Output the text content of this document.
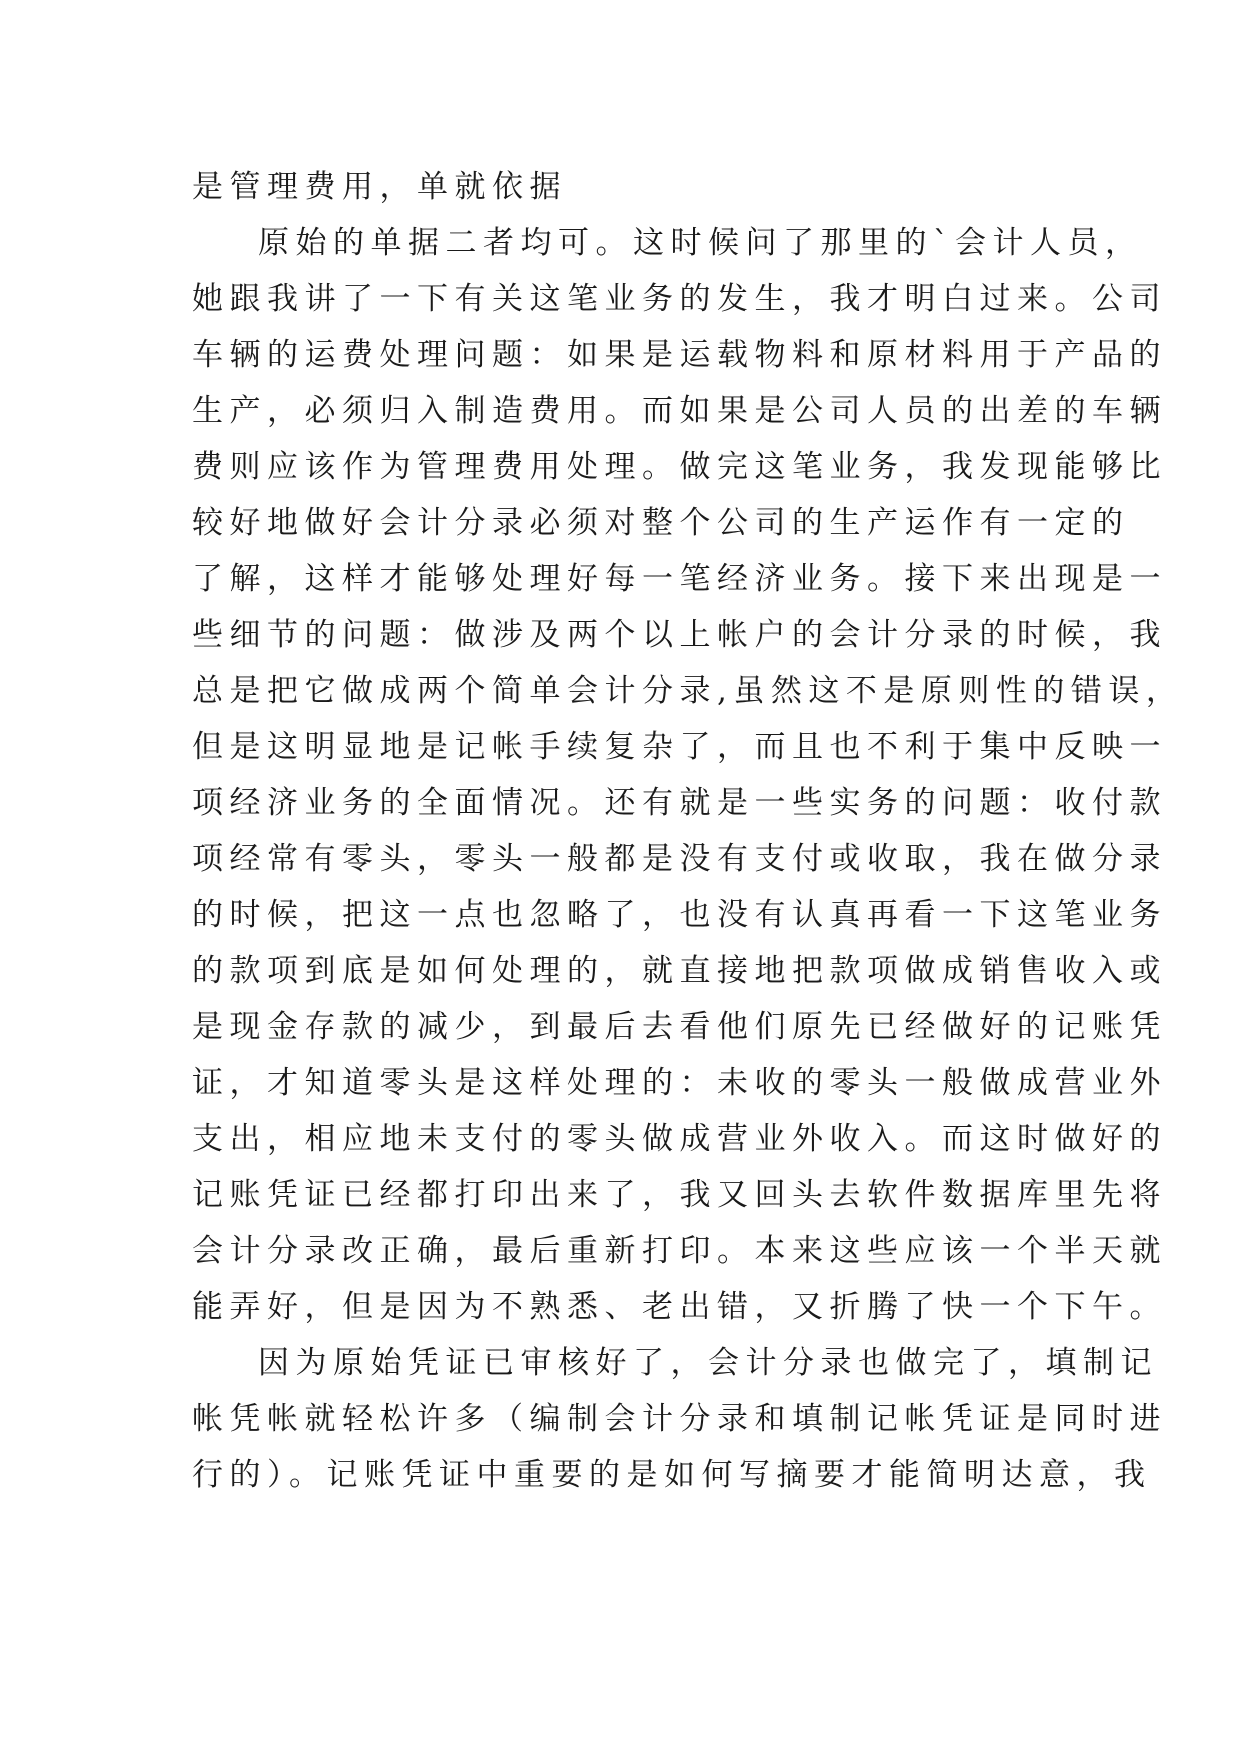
是管理费用，单就依据
原始的单据二者均可。这时候问了那里的`会计人员，
她跟我讲了一下有关这笔业务的发生，我才明白过来。公司
车辆的运费处理问题：如果是运载物料和原材料用于产品的
生产，必须归入制造费用。而如果是公司人员的出差的车辆
费则应该作为管理费用处理。做完这笔业务，我发现能够比
较好地做好会计分录必须对整个公司的生产运作有一定的
了解，这样才能够处理好每一笔经济业务。接下来出现是一
些细节的问题：做涉及两个以上帐户的会计分录的时候，我
总是把它做成两个简单会计分录,虽然这不是原则性的错误，
但是这明显地是记帐手续复杂了，而且也不利于集中反映一
项经济业务的全面情况。还有就是一些实务的问题：收付款
项经常有零头，零头一般都是没有支付或收取，我在做分录
的时候，把这一点也忽略了，也没有认真再看一下这笔业务
的款项到底是如何处理的，就直接地把款项做成销售收入或
是现金存款的减少，到最后去看他们原先已经做好的记账凭
证，才知道零头是这样处理的：未收的零头一般做成营业外
支出，相应地未支付的零头做成营业外收入。而这时做好的
记账凭证已经都打印出来了，我又回头去软件数据库里先将
会计分录改正确，最后重新打印。本来这些应该一个半天就
能弄好，但是因为不熟悉、老出错，又折腾了快一个下午。
因为原始凭证已审核好了，会计分录也做完了，填制记
帐凭帐就轻松许多（编制会计分录和填制记帐凭证是同时进
行的）。记账凭证中重要的是如何写摘要才能简明达意，我
